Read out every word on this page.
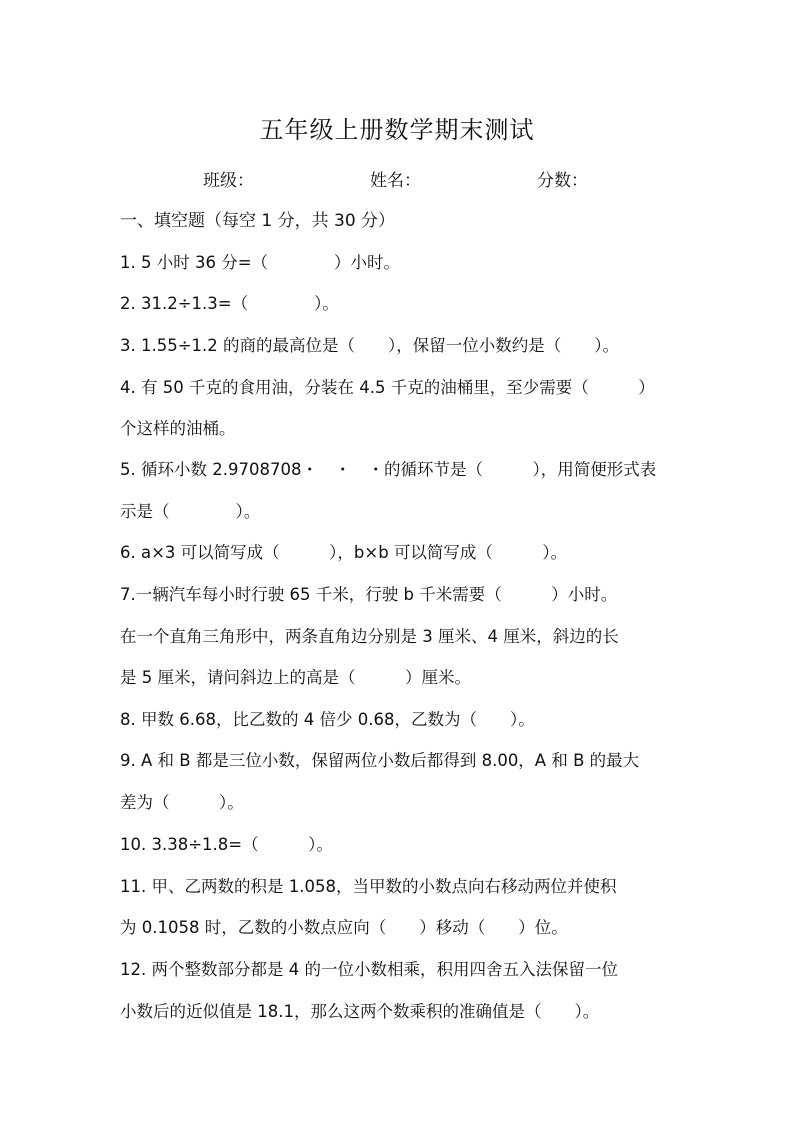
五年级上册数学期末测试
班级：	姓名：	分数：
一、填空题（每空 1 分，共 30 分）
1. 5 小时 36 分=（　　　　）小时。
2. 31.2÷1.3=（　　　　）。
3. 1.55÷1.2 的商的最高位是（　　），保留一位小数约是（　　）。
4. 有 50 千克的食用油，分装在 4.5 千克的油桶里，至少需要（　　　）
个这样的油桶。
5. 循环小数 2.9708708・　・　・的循环节是（　　　），用简便形式表
示是（　　　　）。
6. a×3 可以简写成（　　　），b×b 可以简写成（　　　）。
7.一辆汽车每小时行驶 65 千米，行驶 b 千米需要（　　　）小时。
在一个直角三角形中，两条直角边分别是 3 厘米、4 厘米，斜边的长
是 5 厘米，请问斜边上的高是（　　　）厘米。
8. 甲数 6.68，比乙数的 4 倍少 0.68，乙数为（　　）。
9. A 和 B 都是三位小数，保留两位小数后都得到 8.00，A 和 B 的最大
差为（　　　）。
10. 3.38÷1.8=（　　　）。
11. 甲、乙两数的积是 1.058，当甲数的小数点向右移动两位并使积
为 0.1058 时，乙数的小数点应向（　　）移动（　　）位。
12. 两个整数部分都是 4 的一位小数相乘，积用四舍五入法保留一位
小数后的近似值是 18.1，那么这两个数乘积的准确值是（　　）。
